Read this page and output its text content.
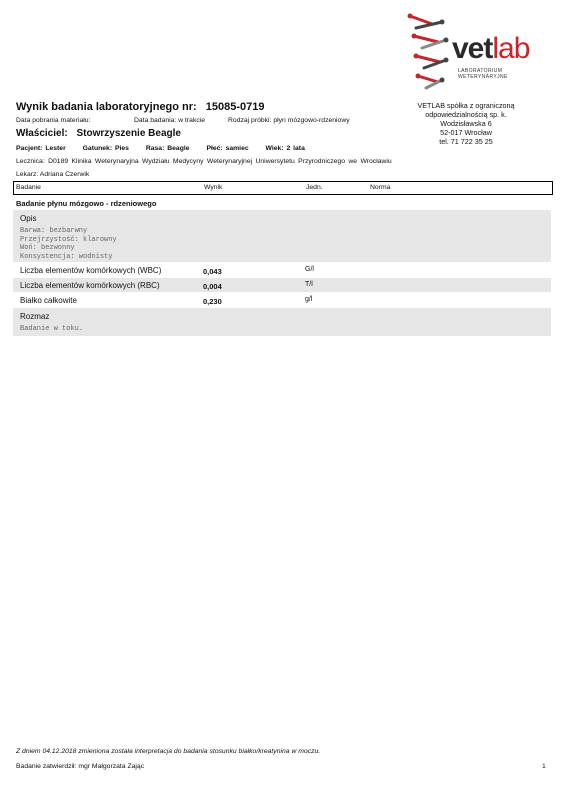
vetlab
LABORATORIUM WETERYNARYJNE
VETLAB spółka z ograniczoną
odpowiedzialnością sp. k.
Wodzisławska 6
52-017 Wrocław
tel. 71 722 35 25
Wynik badania laboratoryjnego nr: 15085-0719
Data pobrania materiału:	Data badania: w trakcie	Rodzaj próbki: płyn mózgowo-rdzeniowy
Właściciel: Stowrzyszenie Beagle
Pacjent: Lester Gatunek: Pies Rasa: Beagle Płeć: samiec Wiek: 2 lata
Lecznica: D0189 Klinika Weterynaryjna Wydziału Medycyny Weterynaryjnej Uniwersytetu Przyrodniczego we Wrocławiu
Lekarz: Adriana Czerwik
Badanie	Wynik	Jedn.	Norma
Badanie płynu mózgowo - rdzeniowego
Opis
Barwa: bezbarwny
Przejrzystość: klarowny
Woń: bezwonny
Konsystencja: wodnisty
Liczba elementów komórkowych (WBC)	0,043	G/l
Liczba elementów komórkowych (RBC)	0,004	T/l
Białko całkowite	0,230	g/l
Rozmaz
Badanie w toku.
Z dniem 04.12.2018 zmieniona została interpretacja do badania stosunku białko/kreatynina w moczu.
Badanie zatwierdził: mgr Małgorzata Zając	1
